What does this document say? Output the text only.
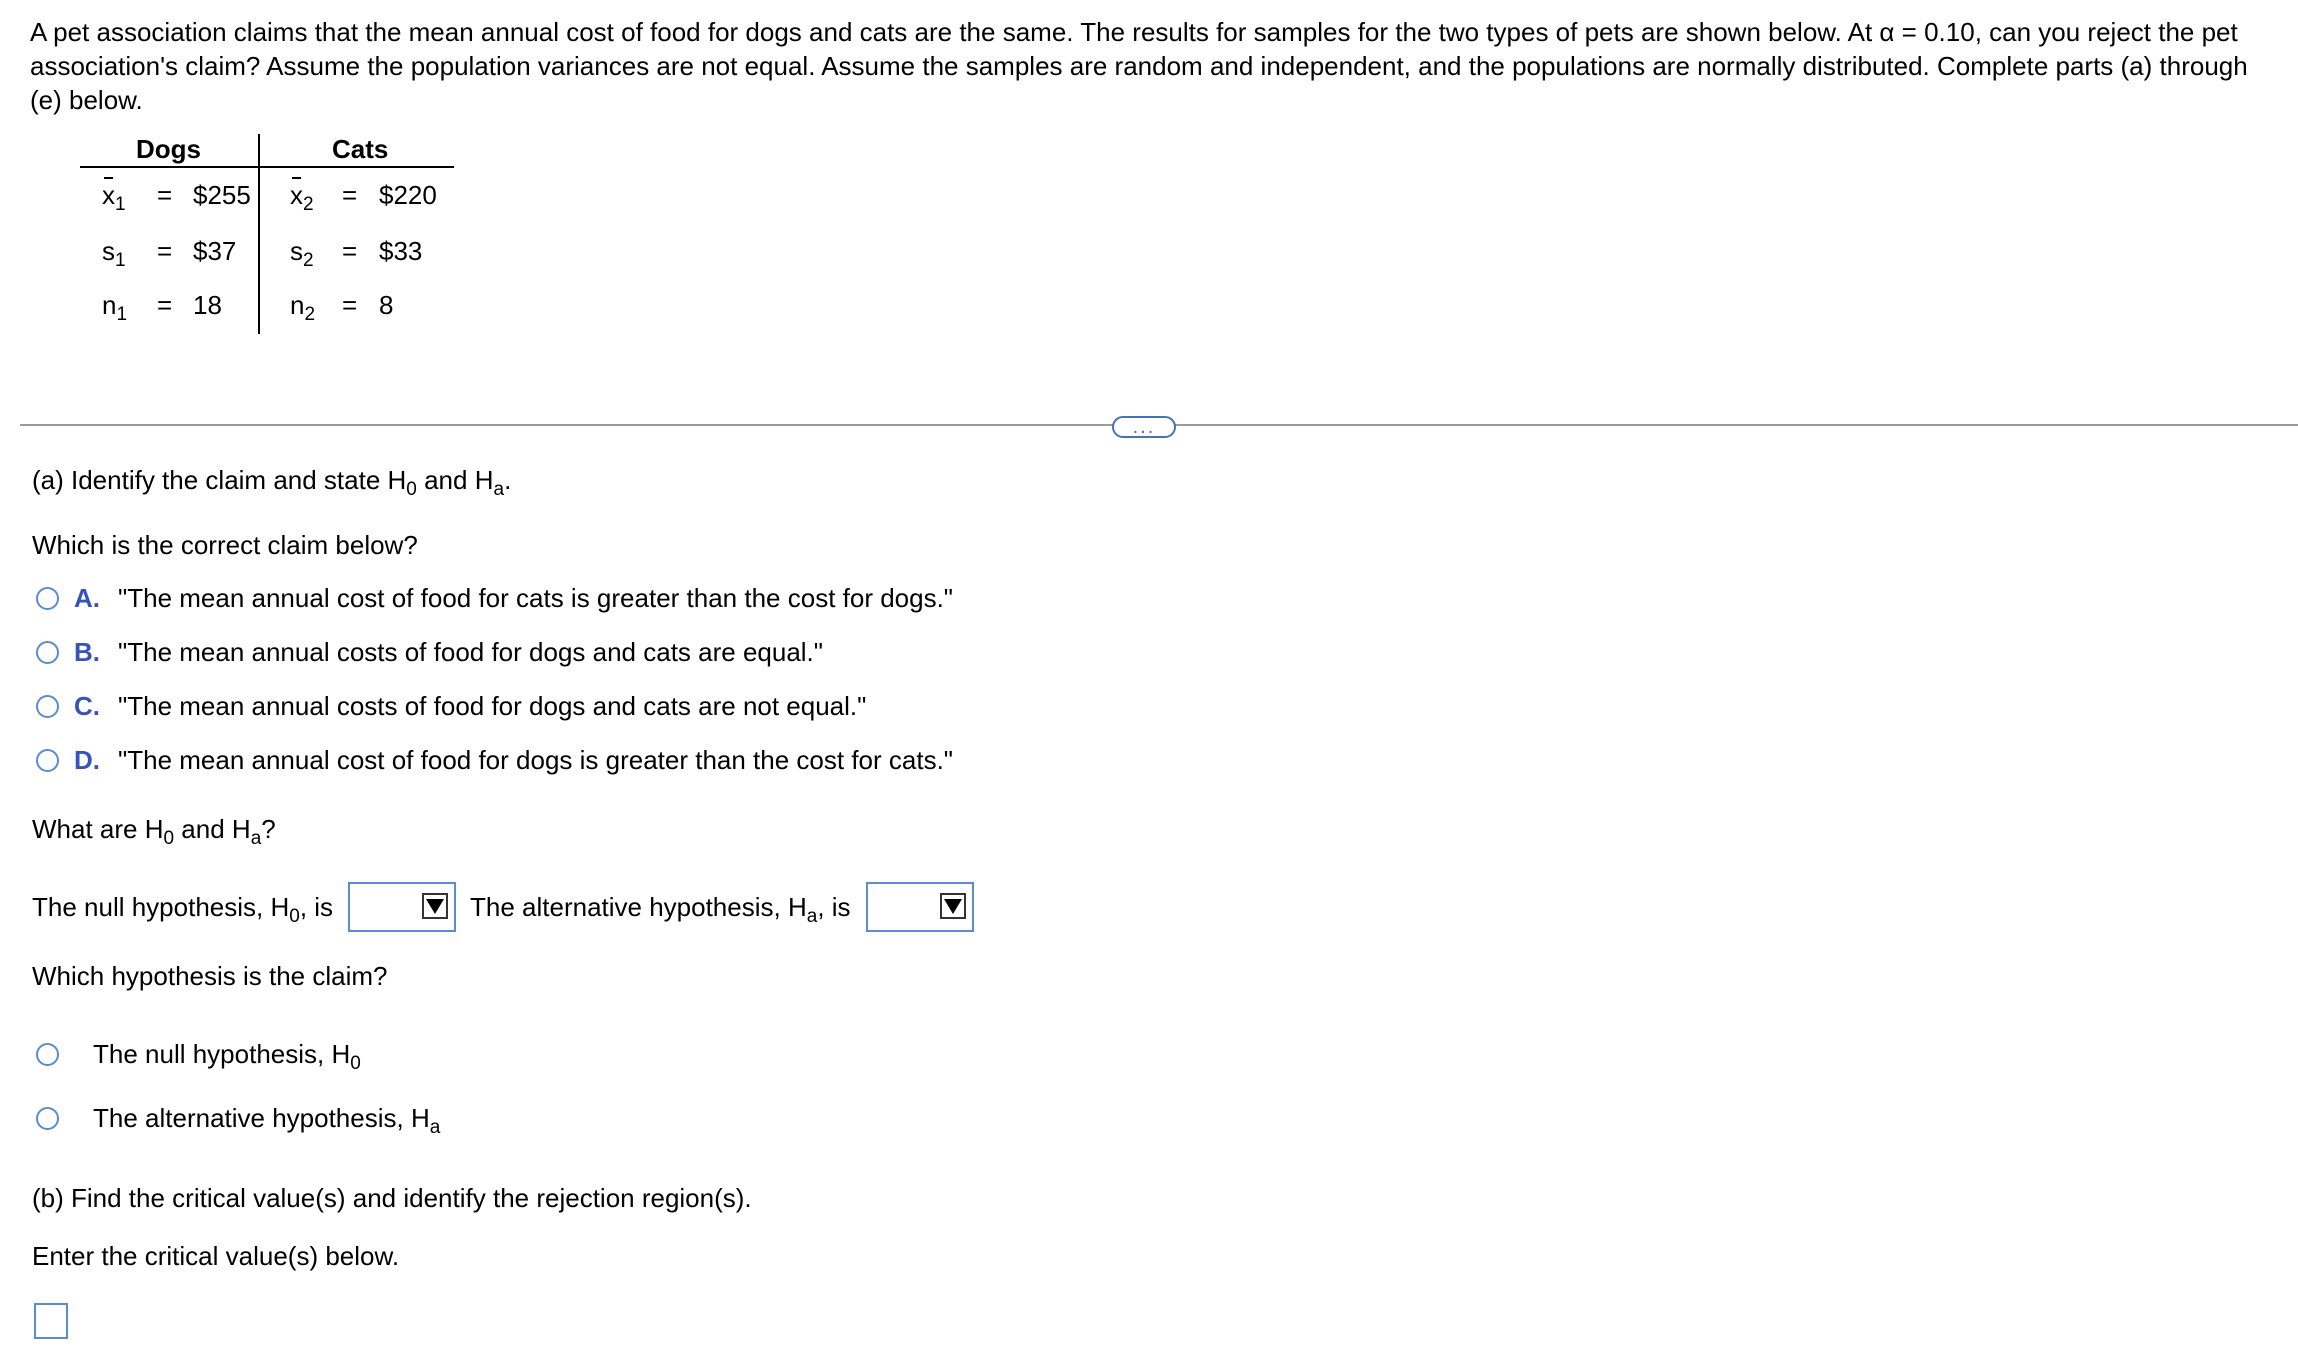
A pet association claims that the mean annual cost of food for dogs and cats are the same. The results for samples for the two types of pets are shown below. At α = 0.10, can you reject the pet association's claim? Assume the population variances are not equal. Assume the samples are random and independent, and the populations are normally distributed. Complete parts (a) through (e) below.
Dogs	Cats
$x_1$ = $255 $x_2$ = $220
$s_1$ = $37 $s_2$ = $33
$n_1 = 18$	$n_2 = 8$
...
(a) Identify the claim and state $H_0$ and $H_a$.
Which is the correct claim below?
A. "The mean annual cost of food for cats is greater than the cost for dogs."
B. "The mean annual costs of food for dogs and cats are equal."
C. "The mean annual costs of food for dogs and cats are not equal."
D. "The mean annual cost of food for dogs is greater than the cost for cats."
What are $H_0$ and $H_a$?
The null hypothesis, $H_0$, is	The alternative hypothesis, $H_a$, is
Which hypothesis is the claim?
The null hypothesis, $H_0$
The alternative hypothesis, $H_a$
(b) Find the critical value(s) and identify the rejection region(s).
Enter the critical value(s) below.
